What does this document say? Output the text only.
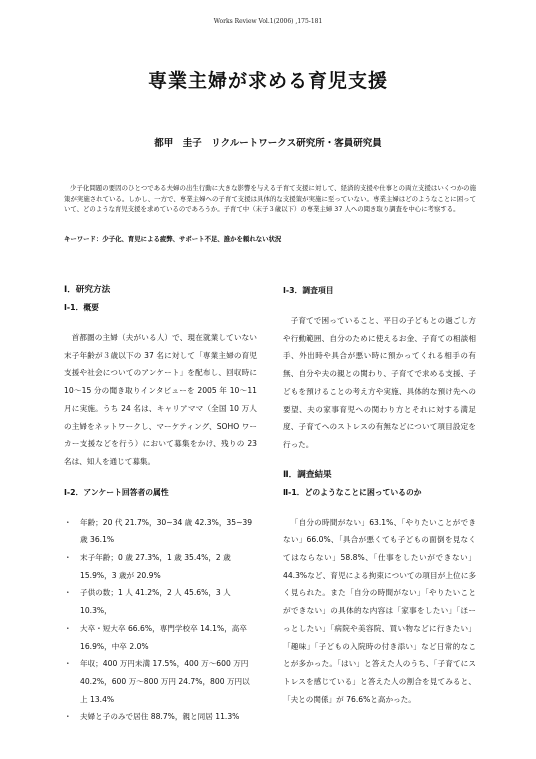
Works Review Vol.1(2006) ,175-181
専業主婦が求める育児支援
都甲　圭子　リクルートワークス研究所・客員研究員

少子化問題の要因のひとつである夫婦の出生行動に大きな影響を与える子育て支援に対して、経済的支援や仕事との両立支援はいくつかの施策が実施されている。しかし、一方で、専業主婦への子育て支援は具体的な支援策が実施に至っていない。専業主婦はどのようなことに困っていて、どのような育児支援を求めているのであろうか。子育て中（末子３歳以下）の専業主婦 37 人への聞き取り調査を中心に考察する。

キーワード：少子化、育児による疲弊、サポート不足、誰かを頼れない状況
Ⅰ．研究方法
Ⅰ-1．概要

首都圏の主婦（夫がいる人）で、現在就業していない末子年齢が３歳以下の 37 名に対して「専業主婦の育児支援や社会についてのアンケート」を配布し、回収時に 10～15 分の聞き取りインタビューを 2005 年 10～11 月に実施。うち 24 名は、キャリアママ（全国 10 万人の主婦をネットワークし、マーケティング、SOHO ワーカー支援などを行う）において募集をかけ、残りの 23 名は、知人を通じて募集。

Ⅰ-2．アンケート回答者の属性
・ 年齢；20 代 21.7%，30~34 歳 42.3%，35~39 歳 36.1%
・ 末子年齢；0 歳 27.3%，1 歳 35.4%，2 歳 15.9%，3 歳が 20.9%
・ 子供の数；1 人 41.2%，2 人 45.6%，3 人 10.3%，
・ 大卒・短大卒 66.6%，専門学校卒 14.1%，高卒 16.9%，中卒 2.0%
・ 年収；400 万円未満 17.5%，400 万～600 万円 40.2%，600 万～800 万円 24.7%，800 万円以上 13.4%
・ 夫婦と子のみで居住 88.7%，親と同居 11.3%
Ⅰ-3．調査項目

子育てで困っていること、平日の子どもとの過ごし方や行動範囲、自分のために使えるお金、子育ての相談相手、外出時や具合が悪い時に預かってくれる相手の有無、自分や夫の親との関わり、子育てで求める支援、子どもを預けることの考え方や実施、具体的な預け先への要望、夫の家事育児への関わり方とそれに対する満足度、子育てへのストレスの有無などについて項目設定を行った。

Ⅱ．調査結果
Ⅱ-1．どのようなことに困っているのか

「自分の時間がない」63.1%、「やりたいことができない」66.0%、「具合が悪くても子どもの面倒を見なくてはならない」58.8%、「仕事をしたいができない」44.3%など、育児による拘束についての項目が上位に多く見られた。また「自分の時間がない」「やりたいことができない」の具体的な内容は「家事をしたい」「ほーっとしたい」「病院や美容院、買い物などに行きたい」「趣味」「子どもの入院時の付き添い」など日常的なことが多かった。「はい」と答えた人のうち、「子育てにストレスを感じている」と答えた人の割合を見てみると、「夫との関係」が 76.6%と高かった。
